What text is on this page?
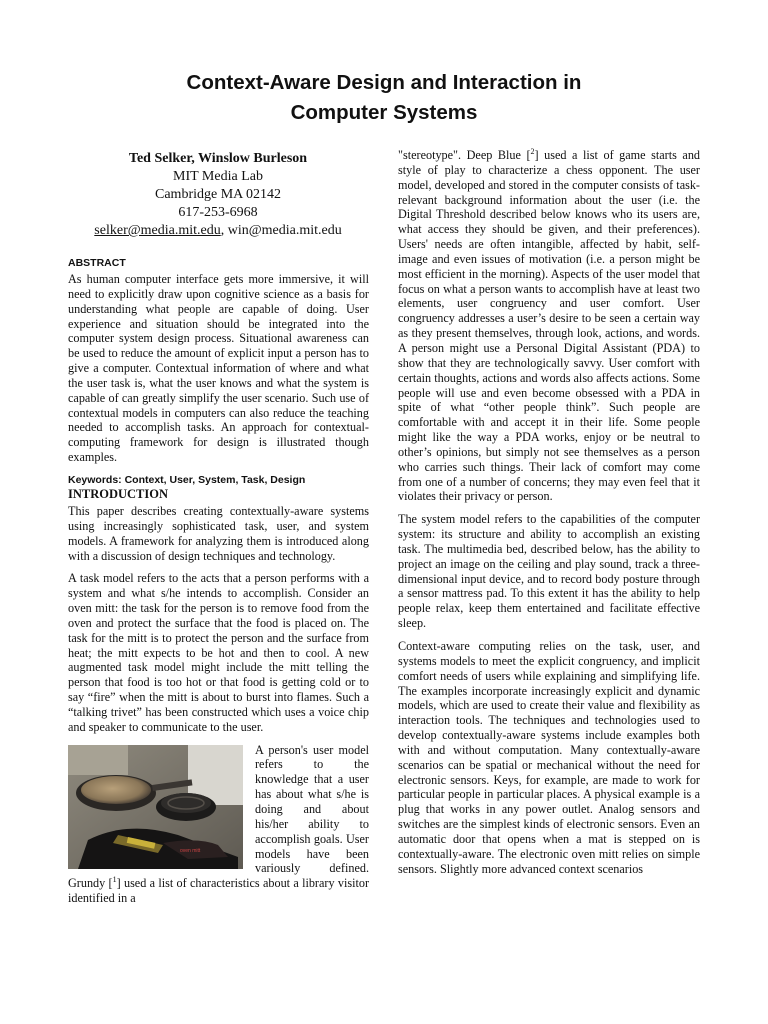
Context-Aware Design and Interaction in
Computer Systems
Ted Selker, Winslow Burleson
MIT Media Lab
Cambridge MA 02142
617-253-6968
selker@media.mit.edu, win@media.mit.edu
ABSTRACT

As human computer interface gets more immersive, it will need to explicitly draw upon cognitive science as a basis for understanding what people are capable of doing. User experience and situation should be integrated into the computer system design process. Situational awareness can be used to reduce the amount of explicit input a person has to give a computer. Contextual information of where and what the user task is, what the user knows and what the system is capable of can greatly simplify the user scenario. Such use of contextual models in computers can also reduce the teaching needed to accomplish tasks. An approach for contextual-computing framework for design is illustrated though examples.

Keywords: Context, User, System, Task, Design
INTRODUCTION

This paper describes creating contextually-aware systems using increasingly sophisticated task, user, and system models. A framework for analyzing them is introduced along with a discussion of design techniques and technology.

A task model refers to the acts that a person performs with a system and what s/he intends to accomplish. Consider an oven mitt: the task for the person is to remove food from the oven and protect the surface that the food is placed on. The task for the mitt is to protect the person and the surface from heat; the mitt expects to be hot and then to cool. A new augmented task model might include the mitt telling the person that food is too hot or that food is getting cold or to say “fire” when the mitt is about to burst into flames. Such a “talking trivet” has been constructed which uses a voice chip and speaker to communicate to the user.

oven mitt
A person's user model refers to the knowledge that a user has about what s/he is doing and about his/her ability to accomplish goals. User models have been variously defined. Grundy [$^1$] used a list of characteristics about a library visitor identified in a

"stereotype". Deep Blue [$^2$] used a list of game starts and style of play to characterize a chess opponent. The user model, developed and stored in the computer consists of task-relevant background information about the user (i.e. the Digital Threshold described below knows who its users are, what access they should be given, and their preferences). Users' needs are often intangible, affected by habit, self-image and even issues of motivation (i.e. a person might be most efficient in the morning). Aspects of the user model that focus on what a person wants to accomplish have at least two elements, user congruency and user comfort. User congruency addresses a user’s desire to be seen a certain way as they present themselves, through look, actions, and words. A person might use a Personal Digital Assistant (PDA) to show that they are technologically savvy. User comfort with certain thoughts, actions and words also affects actions. Some people will use and even become obsessed with a PDA in spite of what “other people think”. Such people are comfortable with and accept it in their life. Some people might like the way a PDA works, enjoy or be neutral to other’s opinions, but simply not see themselves as a person who carries such things. Their lack of comfort may come from one of a number of concerns; they may even feel that it violates their privacy or person.

The system model refers to the capabilities of the computer system: its structure and ability to accomplish an existing task. The multimedia bed, described below, has the ability to project an image on the ceiling and play sound, track a three-dimensional input device, and to record body posture through a sensor mattress pad. To this extent it has the ability to help people relax, keep them entertained and facilitate effective sleep.

Context-aware computing relies on the task, user, and systems models to meet the explicit congruency, and implicit comfort needs of users while explaining and simplifying life. The examples incorporate increasingly explicit and dynamic models, which are used to create their value and flexibility as interaction tools. The techniques and technologies used to develop contextually-aware systems include examples both with and without computation. Many contextually-aware scenarios can be spatial or mechanical without the need for electronic sensors. Keys, for example, are made to work for particular people in particular places. A physical example is a plug that works in any power outlet. Analog sensors and switches are the simplest kinds of electronic sensors. Even an automatic door that opens when a mat is stepped on is contextually-aware. The electronic oven mitt relies on simple sensors. Slightly more advanced context scenarios
